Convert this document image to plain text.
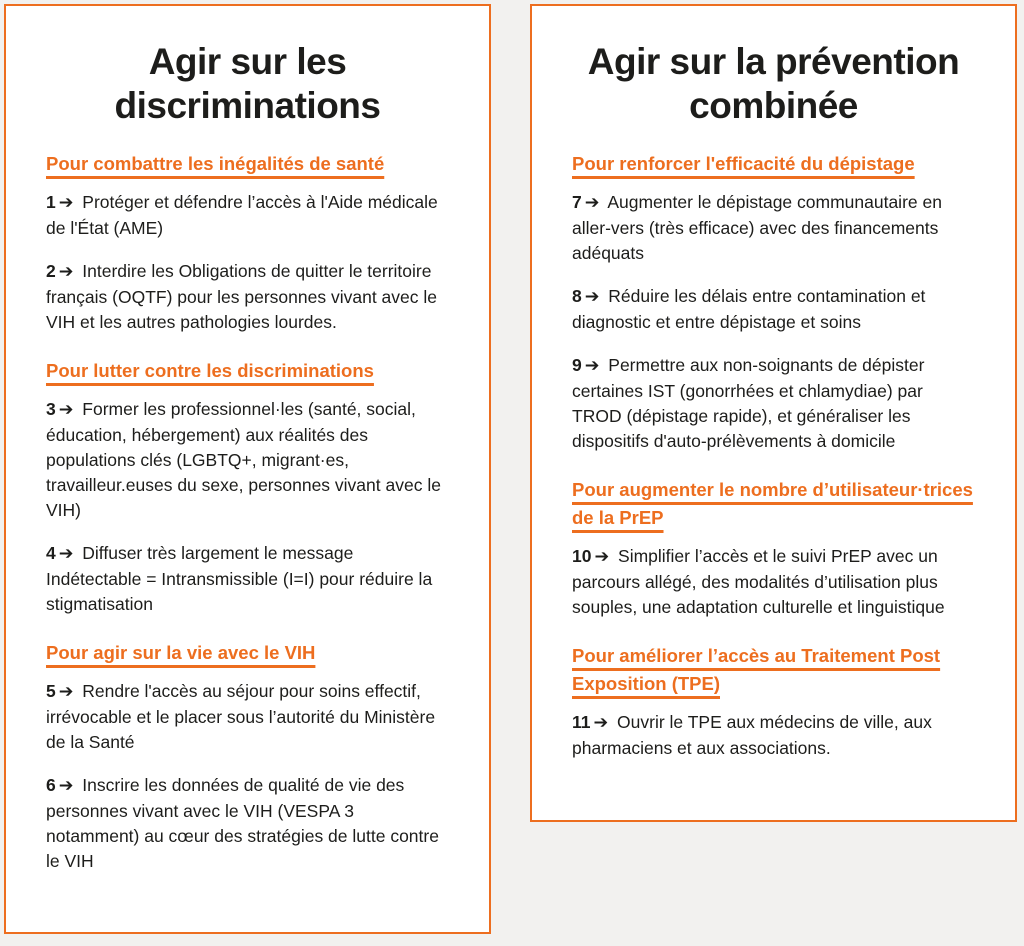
Agir sur les
discriminations
Pour combattre les inégalités de santé

1 ➔ Protéger et défendre l’accès à l'Aide médicale de l'État (AME)

2 ➔ Interdire les Obligations de quitter le territoire français (OQTF) pour les personnes vivant avec le VIH et les autres pathologies lourdes.

Pour lutter contre les discriminations

3 ➔ Former les professionnel·les (santé, social, éducation, hébergement) aux réalités des populations clés (LGBTQ+, migrant·es, travailleur.euses du sexe, personnes vivant avec le VIH)

4 ➔ Diffuser très largement le message Indétectable = Intransmissible (I=I) pour réduire la stigmatisation

Pour agir sur la vie avec le VIH

5 ➔ Rendre l'accès au séjour pour soins effectif, irrévocable et le placer sous l’autorité du Ministère de la Santé

6 ➔ Inscrire les données de qualité de vie des personnes vivant avec le VIH (VESPA 3 notamment) au cœur des stratégies de lutte contre le VIH

Agir sur la prévention
combinée
Pour renforcer l'efficacité du dépistage

7 ➔ Augmenter le dépistage communautaire en aller-vers (très efficace) avec des financements adéquats

8 ➔ Réduire les délais entre contamination et diagnostic et entre dépistage et soins

9 ➔ Permettre aux non-soignants de dépister certaines IST (gonorrhées et chlamydiae) par TROD (dépistage rapide), et généraliser les dispositifs d'auto-prélèvements à domicile

Pour augmenter le nombre d’utilisateur·trices de la PrEP

10 ➔ Simplifier l’accès et le suivi PrEP avec un parcours allégé, des modalités d’utilisation plus souples, une adaptation culturelle et linguistique

Pour améliorer l’accès au Traitement Post Exposition (TPE)

11 ➔ Ouvrir le TPE aux médecins de ville, aux pharmaciens et aux associations.
